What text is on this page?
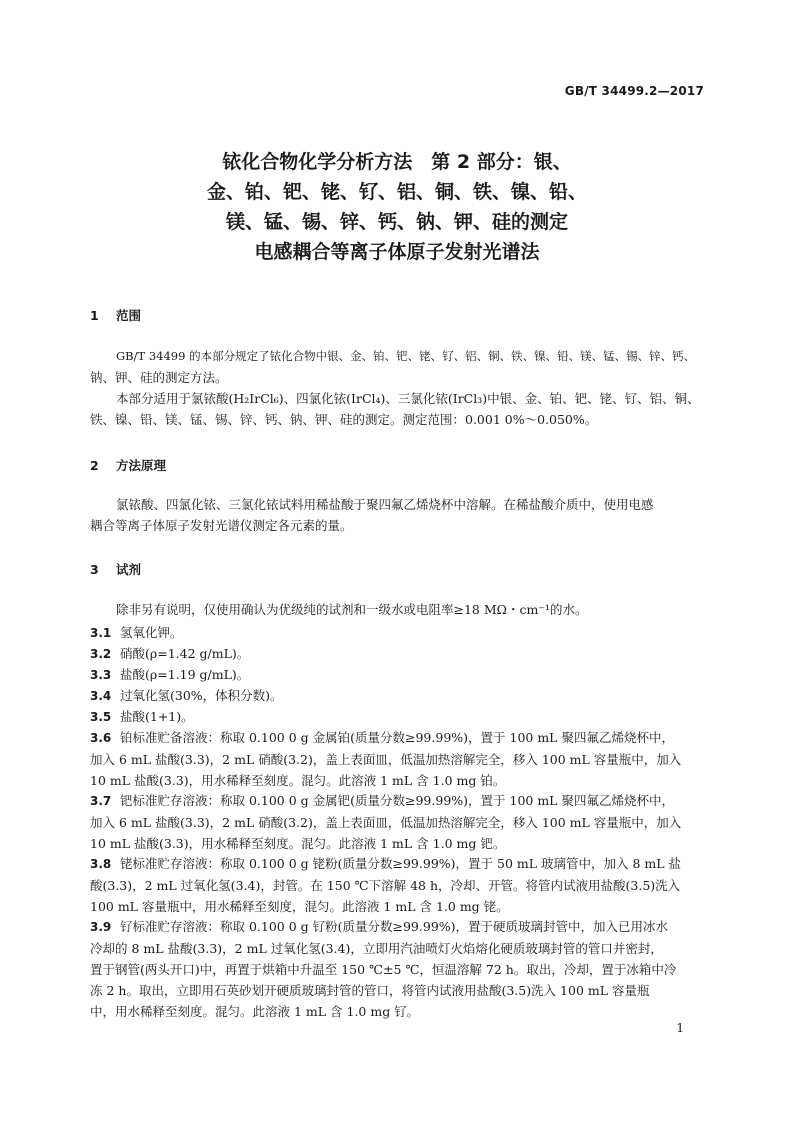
GB/T 34499.2—2017
铱化合物化学分析方法　第 2 部分：银、
金、铂、钯、铑、钌、铝、铜、铁、镍、铅、
镁、锰、锡、锌、钙、钠、钾、硅的测定
电感耦合等离子体原子发射光谱法
1 范围
GB/T 34499 的本部分规定了铱化合物中银、金、铂、钯、铑、钌、铝、铜、铁、镍、铅、镁、锰、锡、锌、钙、
钠、钾、硅的测定方法。
本部分适用于氯铱酸(H₂IrCl₆)、四氯化铱(IrCl₄)、三氯化铱(IrCl₃)中银、金、铂、钯、铑、钌、铝、铜、
铁、镍、铅、镁、锰、锡、锌、钙、钠、钾、硅的测定。测定范围：0.001 0%～0.050%。
2 方法原理
氯铱酸、四氯化铱、三氯化铱试料用稀盐酸于聚四氟乙烯烧杯中溶解。在稀盐酸介质中，使用电感
耦合等离子体原子发射光谱仪测定各元素的量。
3 试剂
除非另有说明，仅使用确认为优级纯的试剂和一级水或电阻率≥18 MΩ・cm⁻¹的水。
3.1 氢氧化钾。
3.2 硝酸(ρ=1.42 g/mL)。
3.3 盐酸(ρ=1.19 g/mL)。
3.4 过氧化氢(30%，体积分数)。
3.5 盐酸(1+1)。
3.6 铂标准贮备溶液：称取 0.100 0 g 金属铂(质量分数≥99.99%)，置于 100 mL 聚四氟乙烯烧杯中，
加入 6 mL 盐酸(3.3)，2 mL 硝酸(3.2)，盖上表面皿，低温加热溶解完全，移入 100 mL 容量瓶中，加入
10 mL 盐酸(3.3)，用水稀释至刻度。混匀。此溶液 1 mL 含 1.0 mg 铂。
3.7 钯标准贮存溶液：称取 0.100 0 g 金属钯(质量分数≥99.99%)，置于 100 mL 聚四氟乙烯烧杯中，
加入 6 mL 盐酸(3.3)，2 mL 硝酸(3.2)，盖上表面皿，低温加热溶解完全，移入 100 mL 容量瓶中，加入
10 mL 盐酸(3.3)，用水稀释至刻度。混匀。此溶液 1 mL 含 1.0 mg 钯。
3.8 铑标准贮存溶液：称取 0.100 0 g 铑粉(质量分数≥99.99%)，置于 50 mL 玻璃管中，加入 8 mL 盐
酸(3.3)，2 mL 过氧化氢(3.4)，封管。在 150 ℃下溶解 48 h，冷却、开管。将管内试液用盐酸(3.5)洗入
100 mL 容量瓶中，用水稀释至刻度，混匀。此溶液 1 mL 含 1.0 mg 铑。
3.9 钌标准贮存溶液：称取 0.100 0 g 钌粉(质量分数≥99.99%)，置于硬质玻璃封管中，加入已用冰水
冷却的 8 mL 盐酸(3.3)，2 mL 过氧化氢(3.4)，立即用汽油喷灯火焰熔化硬质玻璃封管的管口并密封，
置于钢管(两头开口)中，再置于烘箱中升温至 150 ℃±5 ℃，恒温溶解 72 h。取出，冷却，置于冰箱中冷
冻 2 h。取出，立即用石英砂划开硬质玻璃封管的管口，将管内试液用盐酸(3.5)洗入 100 mL 容量瓶
中，用水稀释至刻度。混匀。此溶液 1 mL 含 1.0 mg 钌。
1
